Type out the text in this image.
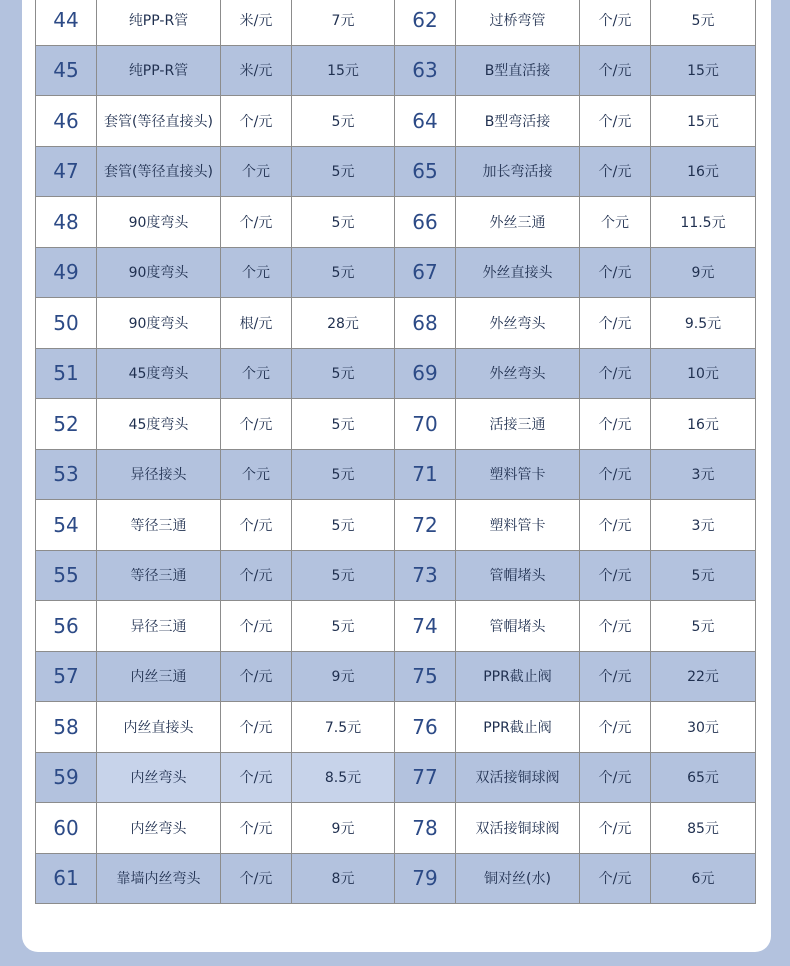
44	纯PP-R管	米/元	7元	62	过桥弯管	个/元	5元
45	纯PP-R管	米/元	15元	63	B型直活接	个/元	15元
46	套管(等径直接头)	个/元	5元	64	B型弯活接	个/元	15元
47	套管(等径直接头)	个元	5元	65	加长弯活接	个/元	16元
48	90度弯头	个/元	5元	66	外丝三通	个元	11.5元
49	90度弯头	个元	5元	67	外丝直接头	个/元	9元
50	90度弯头	根/元	28元	68	外丝弯头	个/元	9.5元
51	45度弯头	个元	5元	69	外丝弯头	个/元	10元
52	45度弯头	个/元	5元	70	活接三通	个/元	16元
53	异径接头	个元	5元	71	塑料管卡	个/元	3元
54	等径三通	个/元	5元	72	塑料管卡	个/元	3元
55	等径三通	个/元	5元	73	管帽堵头	个/元	5元
56	异径三通	个/元	5元	74	管帽堵头	个/元	5元
57	内丝三通	个/元	9元	75	PPR截止阀	个/元	22元
58	内丝直接头	个/元	7.5元	76	PPR截止阀	个/元	30元
59	内丝弯头	个/元	8.5元	77	双活接铜球阀	个/元	65元
60	内丝弯头	个/元	9元	78	双活接铜球阀	个/元	85元
61	靠墙内丝弯头	个/元	8元	79	铜对丝(水)	个/元	6元
